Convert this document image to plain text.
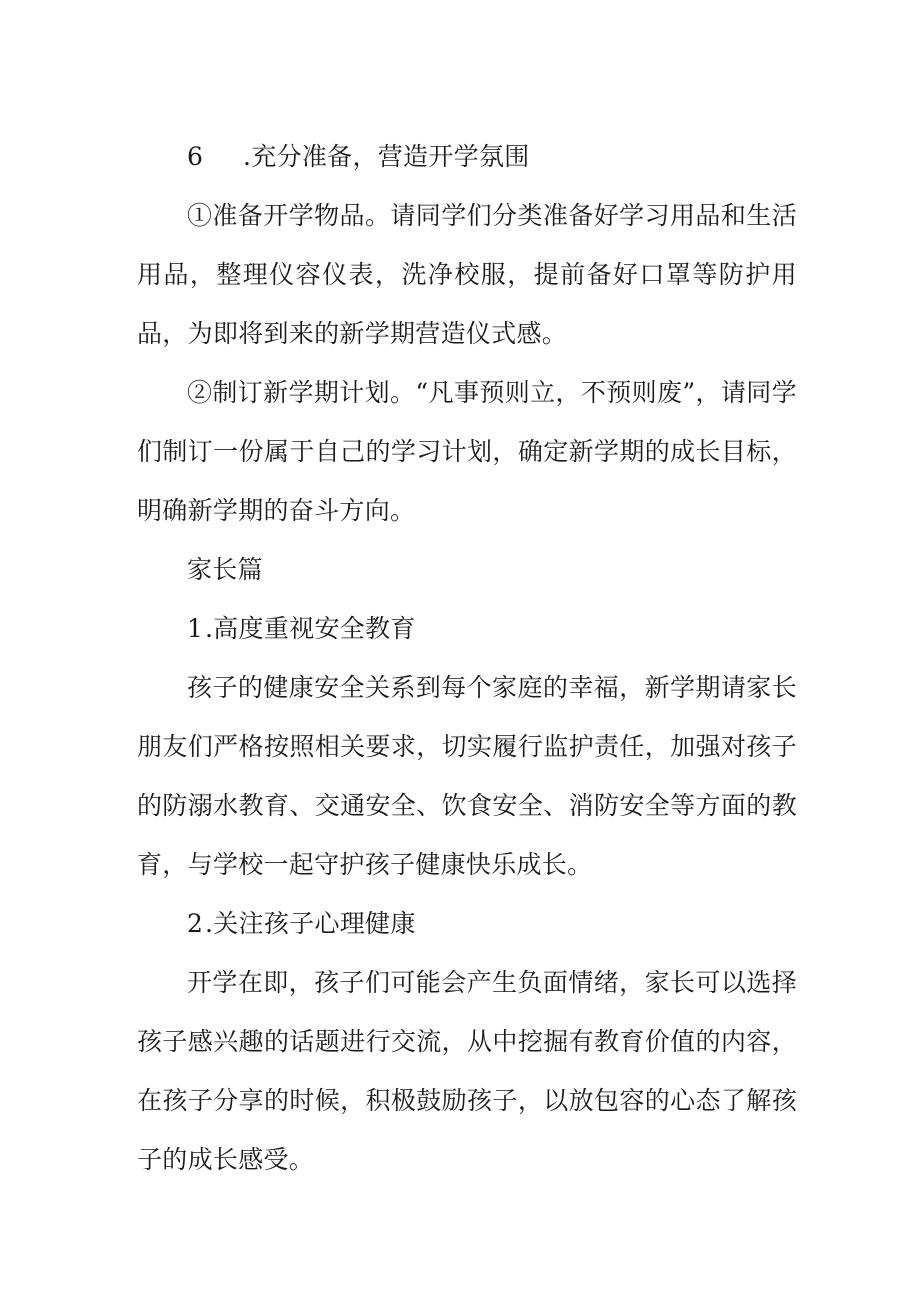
6 .充分准备，营造开学氛围

①准备开学物品。请同学们分类准备好学习用品和生活用品，整理仪容仪表，洗净校服，提前备好口罩等防护用品，为即将到来的新学期营造仪式感。

②制订新学期计划。“凡事预则立，不预则废”，请同学们制订一份属于自己的学习计划，确定新学期的成长目标，明确新学期的奋斗方向。

家长篇

1.高度重视安全教育

孩子的健康安全关系到每个家庭的幸福，新学期请家长朋友们严格按照相关要求，切实履行监护责任，加强对孩子的防溺水教育、交通安全、饮食安全、消防安全等方面的教育，与学校一起守护孩子健康快乐成长。

2.关注孩子心理健康

开学在即，孩子们可能会产生负面情绪，家长可以选择孩子感兴趣的话题进行交流，从中挖掘有教育价值的内容，在孩子分享的时候，积极鼓励孩子，以放包容的心态了解孩子的成长感受。
